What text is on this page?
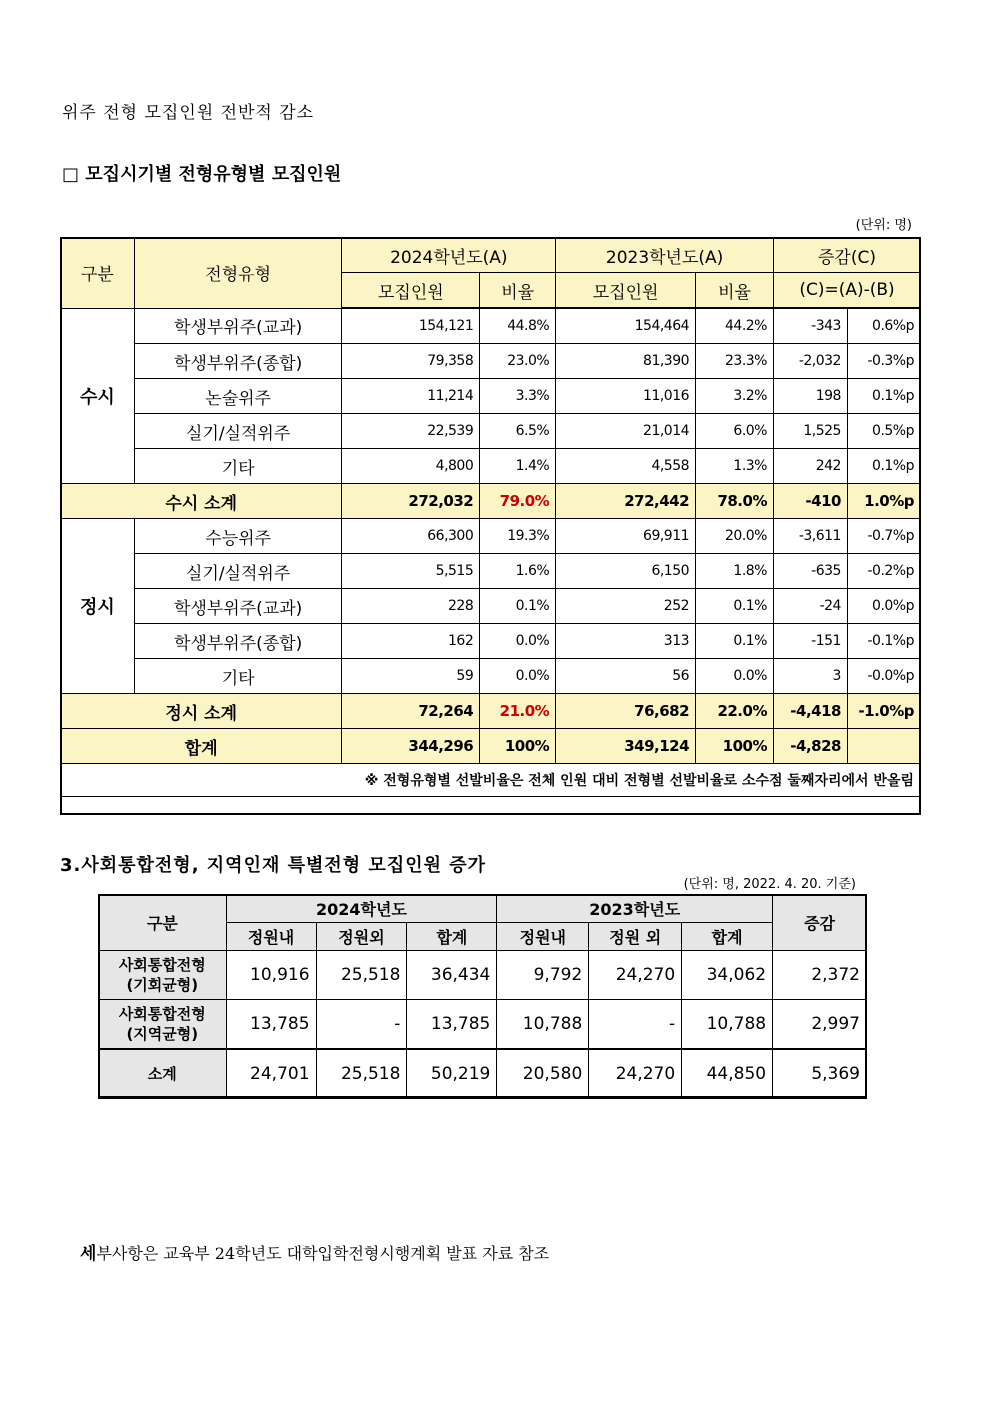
위주 전형 모집인원 전반적 감소
□ 모집시기별 전형유형별 모집인원
(단위: 명)
구분	전형유형	2024학년도(A)		2023학년도(A)		증감(C)	
		모집인원	비율	모집인원	비율	(C)=(A)-(B)	
수시	학생부위주(교과)	154,121	44.8%	154,464	44.2%	-343	0.6%p
	학생부위주(종합)	79,358	23.0%	81,390	23.3%	-2,032	-0.3%p
	논술위주	11,214	3.3%	11,016	3.2%	198	0.1%p
	실기/실적위주	22,539	6.5%	21,014	6.0%	1,525	0.5%p
	기타	4,800	1.4%	4,558	1.3%	242	0.1%p
수시 소계		272,032	79.0%	272,442	78.0%	-410	1.0%p
정시	수능위주	66,300	19.3%	69,911	20.0%	-3,611	-0.7%p
	실기/실적위주	5,515	1.6%	6,150	1.8%	-635	-0.2%p
	학생부위주(교과)	228	0.1%	252	0.1%	-24	0.0%p
	학생부위주(종합)	162	0.0%	313	0.1%	-151	-0.1%p
	기타	59	0.0%	56	0.0%	3	-0.0%p
정시 소계		72,264	21.0%	76,682	22.0%	-4,418	-1.0%p
합계		344,296	100%	349,124	100%	-4,828	
※ 전형유형별 선발비율은 전체 인원 대비 전형별 선발비율로 소수점 둘째자리에서 반올림							
3.사회통합전형, 지역인재 특별전형 모집인원 증가
(단위: 명, 2022. 4. 20. 기준)
구분	2024학년도			2023학년도			증감
	정원내	정원외	합계	정원내	정원 외	합계	
사회통합전형
(기회균형)	10,916	25,518	36,434	9,792	24,270	34,062	2,372
사회통합전형
(지역균형)	13,785	-	13,785	10,788	-	10,788	2,997
소계	24,701	25,518	50,219	20,580	24,270	44,850	5,369
세부사항은 교육부 24학년도 대학입학전형시행계획 발표 자료 참조
